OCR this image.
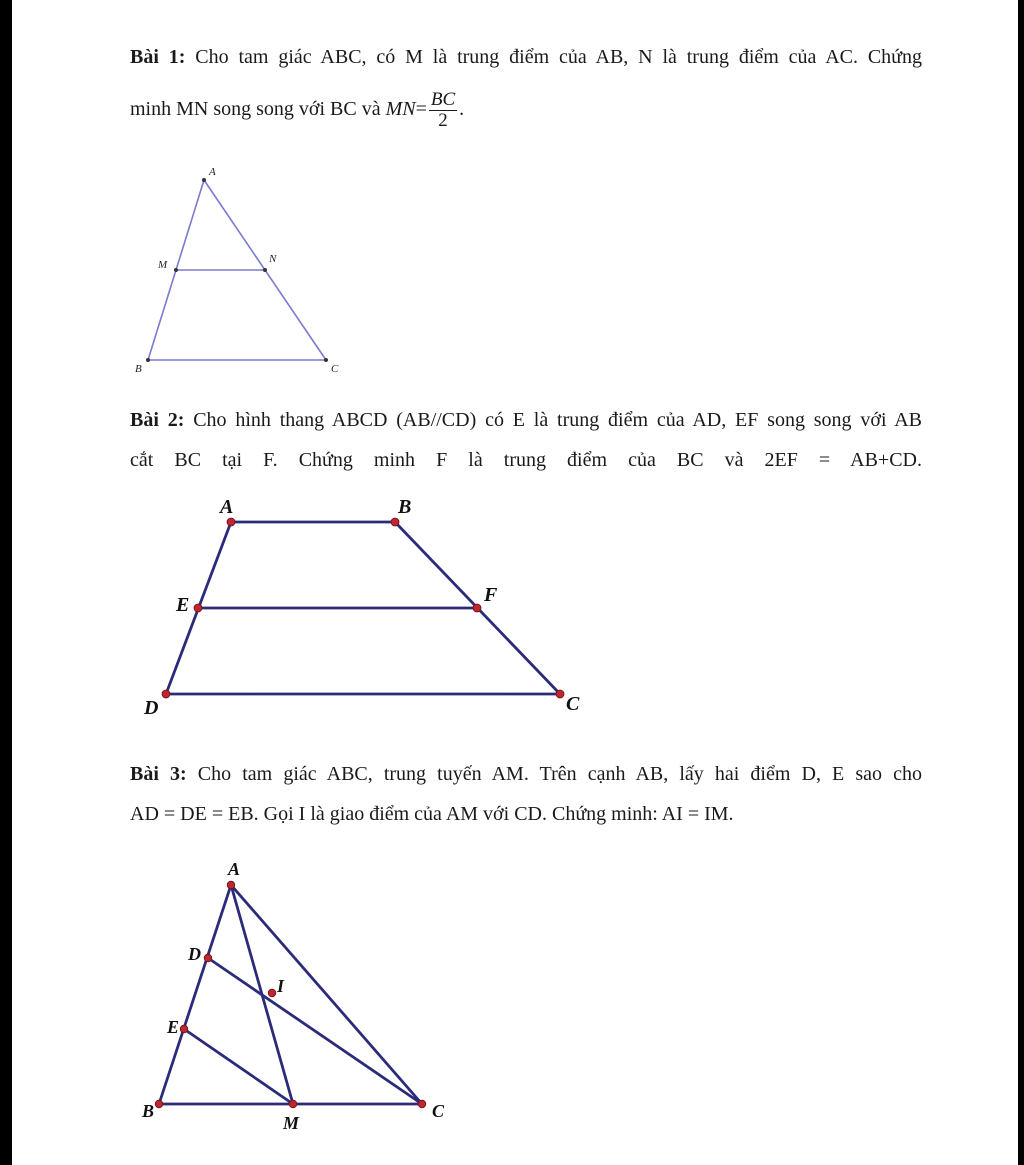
Bài 1: Cho tam giác ABC, có M là trung điểm của AB, N là trung điểm của AC. Chứng
minh MN song song với BC và $MN= \frac{BC}{2}$ .
A
M	N
B	C
Bài 2: Cho hình thang ABCD (AB//CD) có E là trung điểm của AD, EF song song với AB
cắt BC tại F. Chứng minh F là trung điểm của BC và 2EF = AB+CD.
A	B
E	F
D	C
Bài 3: Cho tam giác ABC, trung tuyến AM. Trên cạnh AB, lấy hai điểm D, E sao cho
AD = DE = EB. Gọi I là giao điểm của AM với CD. Chứng minh: AI = IM.
A
D
I
E
B
M
C
